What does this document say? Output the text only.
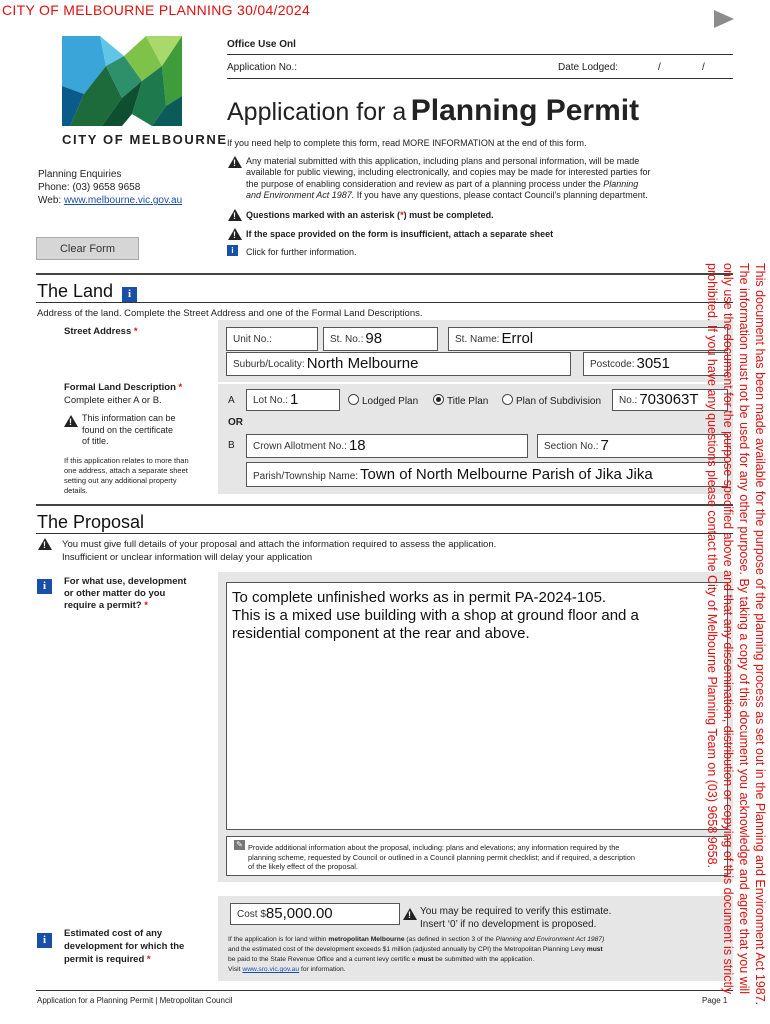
CITY OF MELBOURNE PLANNING 30/04/2024
CITY OF MELBOURNE
Office Use Onl
Application No.:	Date Lodged:	/	/
Application for a Planning Permit
Planning Enquiries
Phone: (03) 9658 9658
Web: www.melbourne.vic.gov.au
If you need help to complete this form, read MORE INFORMATION at the end of this form.
!
Any material submitted with this application, including plans and personal information, will be made
available for public viewing, including electronically, and copies may be made for interested parties for
the purpose of enabling consideration and review as part of a planning process under the Planning
and Environment Act 1987. If you have any questions, please contact Council’s planning department.
!
Questions marked with an asterisk (*) must be completed.
!
If the space provided on the form is insufficient, attach a separate sheet
i	Click for further information.
Clear Form
The Land	i
Address of the land. Complete the Street Address and one of the Formal Land Descriptions.
Street Address *
Unit No.:	St. No.: 98	St. Name: Errol
Suburb/Locality: North Melbourne	Postcode: 3051
Formal Land Description *
Complete either A or B.
!
This information can be
found on the certificate
of title.
If this application relates to more than
one address, attach a separate sheet
setting out any additional property
details.
A	Lot No.: 1	Lodged Plan	Title Plan	Plan of Subdivision	No.: 703063T
OR
B	Crown Allotment No.: 18	Section No.: 7
Parish/Township Name: Town of North Melbourne Parish of Jika Jika
The Proposal
!
You must give full details of your proposal and attach the information required to assess the application.
Insufficient or unclear information will delay your application
i	For what use, development
or other matter do you
require a permit? *	To complete unfinished works as in permit PA-2024-105.
This is a mixed use building with a shop at ground floor and a
residential component at the rear and above.
✎ Provide additional information about the proposal, including: plans and elevations; any information required by the
planning scheme, requested by Council or outlined in a Council planning permit checklist; and if required, a description
of the likely effect of the proposal.
i
Estimated cost of any
development for which the
permit is required *
Cost $85,000.00
!	You may be required to verify this estimate.
Insert ‘0’ if no development is proposed.
If the application is for land within metropolitan Melbourne (as defined in section 3 of the Planning and Environment Act 1987)
and the estimated cost of the development exceeds $1 million (adjusted annually by CPI) the Metropolitan Planning Levy must
be paid to the State Revenue Office and a current levy certific e must be submitted with the application.
Visit www.sro.vic.gov.au for information.
Application for a Planning Permit | Metropolitan Council	Page 1 This document has been made available for the purpose of the planning process as set out in the Planning and Environment Act 1987.
The information must not be used for any other purpose. By taking a copy of this document you acknowledge and agree that you will
only use the document for the purpose specified above and that any dissemination, distribution or copying of this document is strictly
prohibited. If you have any questions please contact the City of Melbourne Planning Team on (03) 9658 9658.
